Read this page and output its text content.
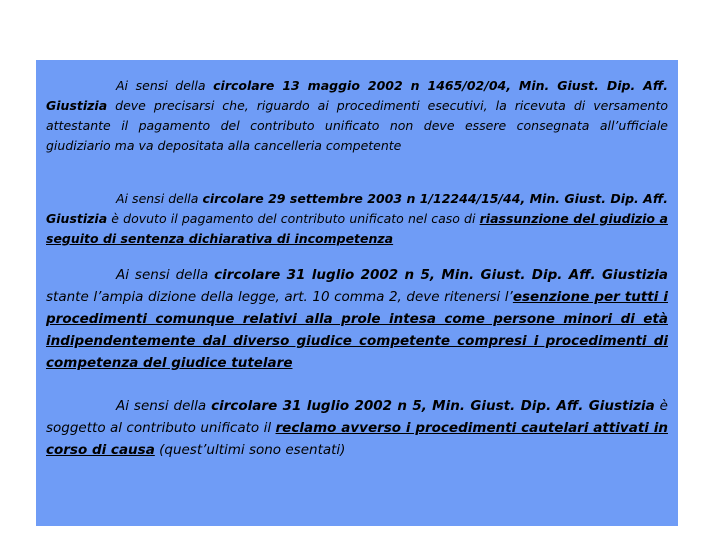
Ai sensi della circolare 13 maggio 2002 n 1465/02/04, Min. Giust. Dip. Aff. Giustizia deve precisarsi che, riguardo ai procedimenti esecutivi, la ricevuta di versamento attestante il pagamento del contributo unificato non deve essere consegnata all’ufficiale giudiziario ma va depositata alla cancelleria competente

Ai sensi della circolare 29 settembre 2003 n 1/12244/15/44, Min. Giust. Dip. Aff. Giustizia è dovuto il pagamento del contributo unificato nel caso di riassunzione del giudizio a seguito di sentenza dichiarativa di incompetenza

Ai sensi della circolare 31 luglio 2002 n 5, Min. Giust. Dip. Aff. Giustizia stante l’ampia dizione della legge, art. 10 comma 2, deve ritenersi l’esenzione per tutti i procedimenti comunque relativi alla prole intesa come persone minori di età indipendentemente dal diverso giudice competente compresi i procedimenti di competenza del giudice tutelare

Ai sensi della circolare 31 luglio 2002 n 5, Min. Giust. Dip. Aff. Giustizia è soggetto al contributo unificato il reclamo avverso i procedimenti cautelari attivati in corso di causa (quest’ultimi sono esentati)
